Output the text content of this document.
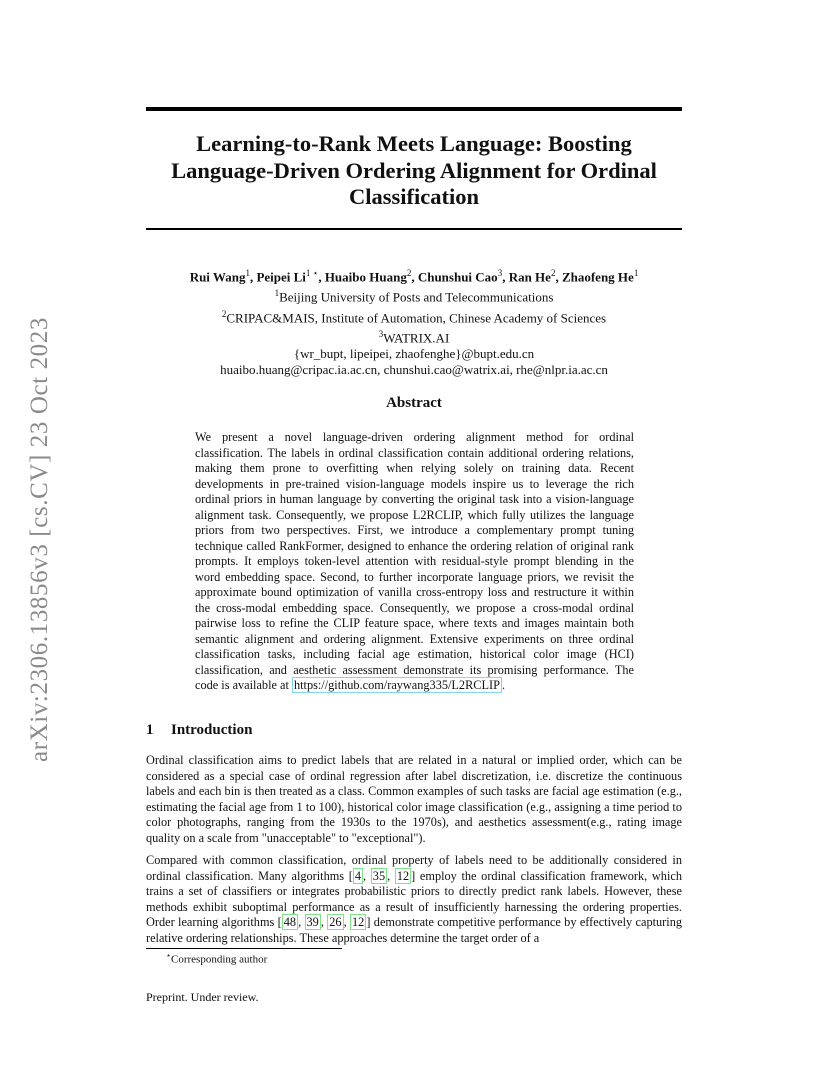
arXiv:2306.13856v3 [cs.CV] 23 Oct 2023
Learning-to-Rank Meets Language: Boosting Language-Driven Ordering Alignment for Ordinal Classification
Rui Wang$^1$, Peipei $Li^{1 ⋆}$, Huaibo Huang$^2$, Chunshui Cao$^3$, Ran He$^2$, Zhaofeng He$^1$
$^1$Beijing University of Posts and Telecommunications
$^2$CRIPAC&MAIS, Institute of Automation, Chinese Academy of Sciences
$^3$WATRIX.AI
{wr_bupt, lipeipei, zhaofenghe}@bupt.edu.cn
huaibo.huang@cripac.ia.ac.cn, chunshui.cao@watrix.ai, rhe@nlpr.ia.ac.cn
Abstract
We present a novel language-driven ordering alignment method for ordinal classification. The labels in ordinal classification contain additional ordering relations, making them prone to overfitting when relying solely on training data. Recent developments in pre-trained vision-language models inspire us to leverage the rich ordinal priors in human language by converting the original task into a vision-language alignment task. Consequently, we propose L2RCLIP, which fully utilizes the language priors from two perspectives. First, we introduce a complementary prompt tuning technique called RankFormer, designed to enhance the ordering relation of original rank prompts. It employs token-level attention with residual-style prompt blending in the word embedding space. Second, to further incorporate language priors, we revisit the approximate bound optimization of vanilla cross-entropy loss and restructure it within the cross-modal embedding space. Consequently, we propose a cross-modal ordinal pairwise loss to refine the CLIP feature space, where texts and images maintain both semantic alignment and ordering alignment. Extensive experiments on three ordinal classification tasks, including facial age estimation, historical color image (HCI) classification, and aesthetic assessment demonstrate its promising performance. The code is available at https://github.com/raywang335/L2RCLIP .
1 Introduction
Ordinal classification aims to predict labels that are related in a natural or implied order, which can be considered as a special case of ordinal regression after label discretization, i.e. discretize the continuous labels and each bin is then treated as a class. Common examples of such tasks are facial age estimation (e.g., estimating the facial age from 1 to 100), historical color image classification (e.g., assigning a time period to color photographs, ranging from the 1930s to the 1970s), and aesthetics assessment(e.g., rating image quality on a scale from "unacceptable" to "exceptional").
Compared with common classification, ordinal property of labels need to be additionally considered in ordinal classification. Many algorithms [ 4 , 35 , 12 ] employ the ordinal classification framework, which trains a set of classifiers or integrates probabilistic priors to directly predict rank labels. However, these methods exhibit suboptimal performance as a result of insufficiently harnessing the ordering properties. Order learning algorithms [ 48 , 39 , 26 , 12 ] demonstrate competitive performance by effectively capturing relative ordering relationships. These approaches determine the target order of a
⋆Corresponding author
Preprint. Under review.
